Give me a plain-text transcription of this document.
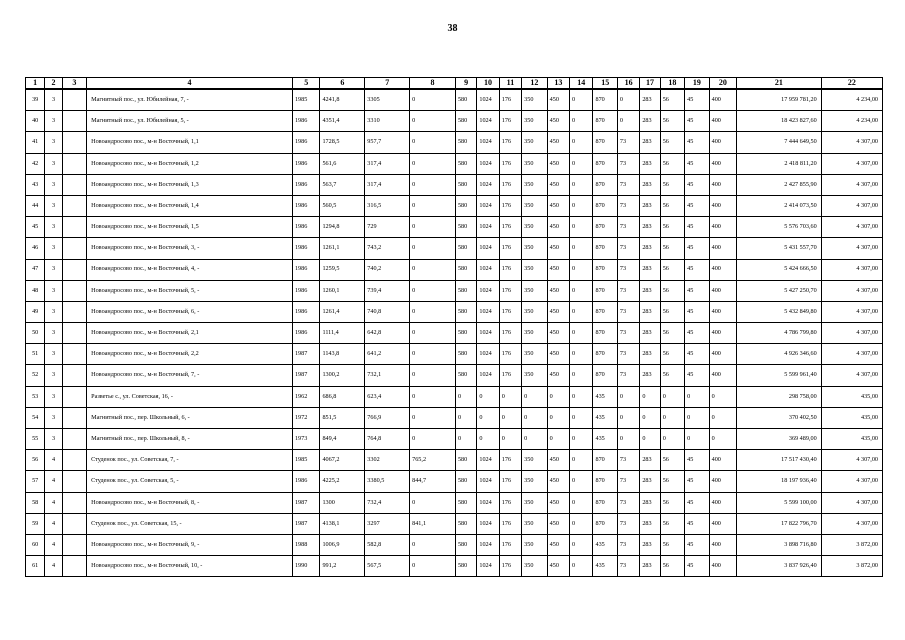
38
1	2	3	4	5	6	7	8	9	10	11	12	13	14	15	16	17	18	19	20	21	22
39	3		Магнитный пос., ул. Юбилейная, 7, -	1985	4241,8	3305	0	580	1024	176	350	450	0	870	0	283	56	45	400	17 959 781,20	4 234,00
40	3		Магнитный пос., ул. Юбилейная, 5, -	1986	4351,4	3310	0	580	1024	176	350	450	0	870	0	283	56	45	400	18 423 827,60	4 234,00
41	3		Новоандросово пос., м-н Восточный, 1,1	1986	1728,5	957,7	0	580	1024	176	350	450	0	870	73	283	56	45	400	7 444 649,50	4 307,00
42	3		Новоандросово пос., м-н Восточный, 1,2	1986	561,6	317,4	0	580	1024	176	350	450	0	870	73	283	56	45	400	2 418 811,20	4 307,00
43	3		Новоандросово пос., м-н Восточный, 1,3	1986	563,7	317,4	0	580	1024	176	350	450	0	870	73	283	56	45	400	2 427 855,90	4 307,00
44	3		Новоандросово пос., м-н Восточный, 1,4	1986	560,5	316,5	0	580	1024	176	350	450	0	870	73	283	56	45	400	2 414 073,50	4 307,00
45	3		Новоандросово пос., м-н Восточный, 1,5	1986	1294,8	729	0	580	1024	176	350	450	0	870	73	283	56	45	400	5 576 703,60	4 307,00
46	3		Новоандросово пос., м-н Восточный, 3, -	1986	1261,1	743,2	0	580	1024	176	350	450	0	870	73	283	56	45	400	5 431 557,70	4 307,00
47	3		Новоандросово пос., м-н Восточный, 4, -	1986	1259,5	740,2	0	580	1024	176	350	450	0	870	73	283	56	45	400	5 424 666,50	4 307,00
48	3		Новоандросово пос., м-н Восточный, 5, -	1986	1260,1	739,4	0	580	1024	176	350	450	0	870	73	283	56	45	400	5 427 250,70	4 307,00
49	3		Новоандросово пос., м-н Восточный, 6, -	1986	1261,4	740,8	0	580	1024	176	350	450	0	870	73	283	56	45	400	5 432 849,80	4 307,00
50	3		Новоандросово пос., м-н Восточный, 2,1	1986	1111,4	642,8	0	580	1024	176	350	450	0	870	73	283	56	45	400	4 786 799,80	4 307,00
51	3		Новоандросово пос., м-н Восточный, 2,2	1987	1143,8	641,2	0	580	1024	176	350	450	0	870	73	283	56	45	400	4 926 346,60	4 307,00
52	3		Новоандросово пос., м-н Восточный, 7, -	1987	1300,2	732,1	0	580	1024	176	350	450	0	870	73	283	56	45	400	5 599 961,40	4 307,00
53	3		Разветье с., ул. Советская, 16, -	1962	686,8	623,4	0	0	0	0	0	0	0	435	0	0	0	0	0	298 758,00	435,00
54	3		Магнитный пос., пер. Школьный, 6, -	1972	851,5	766,9	0	0	0	0	0	0	0	435	0	0	0	0	0	370 402,50	435,00
55	3		Магнитный пос., пер. Школьный, 8, -	1973	849,4	764,8	0	0	0	0	0	0	0	435	0	0	0	0	0	369 489,00	435,00
56	4		Студенок пос., ул. Советская, 7, -	1985	4067,2	3302	765,2	580	1024	176	350	450	0	870	73	283	56	45	400	17 517 430,40	4 307,00
57	4		Студенок пос., ул. Советская, 5, -	1986	4225,2	3380,5	844,7	580	1024	176	350	450	0	870	73	283	56	45	400	18 197 936,40	4 307,00
58	4		Новоандросово пос., м-н Восточный, 8, -	1987	1300	732,4	0	580	1024	176	350	450	0	870	73	283	56	45	400	5 599 100,00	4 307,00
59	4		Студенок пос., ул. Советская, 15, -	1987	4138,1	3297	841,1	580	1024	176	350	450	0	870	73	283	56	45	400	17 822 796,70	4 307,00
60	4		Новоандросово пос., м-н Восточный, 9, -	1988	1006,9	582,8	0	580	1024	176	350	450	0	435	73	283	56	45	400	3 898 716,80	3 872,00
61	4		Новоандросово пос., м-н Восточный, 10, -	1990	991,2	567,5	0	580	1024	176	350	450	0	435	73	283	56	45	400	3 837 926,40	3 872,00
